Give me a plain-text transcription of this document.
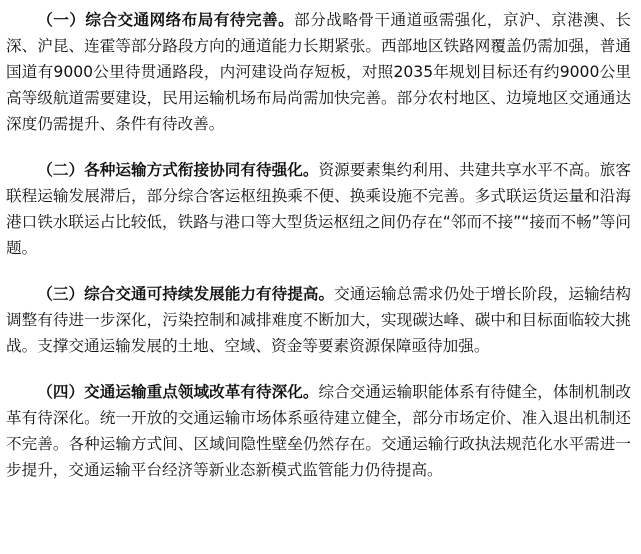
（一）综合交通网络布局有待完善。部分战略骨干通道亟需强化，京沪、京港澳、长深、沪昆、连霍等部分路段方向的通道能力长期紧张。西部地区铁路网覆盖仍需加强，普通国道有9000公里待贯通路段，内河建设尚存短板，对照2035年规划目标还有约9000公里高等级航道需要建设，民用运输机场布局尚需加快完善。部分农村地区、边境地区交通通达深度仍需提升、条件有待改善。

（二）各种运输方式衔接协同有待强化。资源要素集约利用、共建共享水平不高。旅客联程运输发展滞后，部分综合客运枢纽换乘不便、换乘设施不完善。多式联运货运量和沿海港口铁水联运占比较低，铁路与港口等大型货运枢纽之间仍存在“邻而不接”“接而不畅”等问题。

（三）综合交通可持续发展能力有待提高。交通运输总需求仍处于增长阶段，运输结构调整有待进一步深化，污染控制和减排难度不断加大，实现碳达峰、碳中和目标面临较大挑战。支撑交通运输发展的土地、空域、资金等要素资源保障亟待加强。

（四）交通运输重点领域改革有待深化。综合交通运输职能体系有待健全，体制机制改革有待深化。统一开放的交通运输市场体系亟待建立健全，部分市场定价、准入退出机制还不完善。各种运输方式间、区域间隐性壁垒仍然存在。交通运输行政执法规范化水平需进一步提升，交通运输平台经济等新业态新模式监管能力仍待提高。
